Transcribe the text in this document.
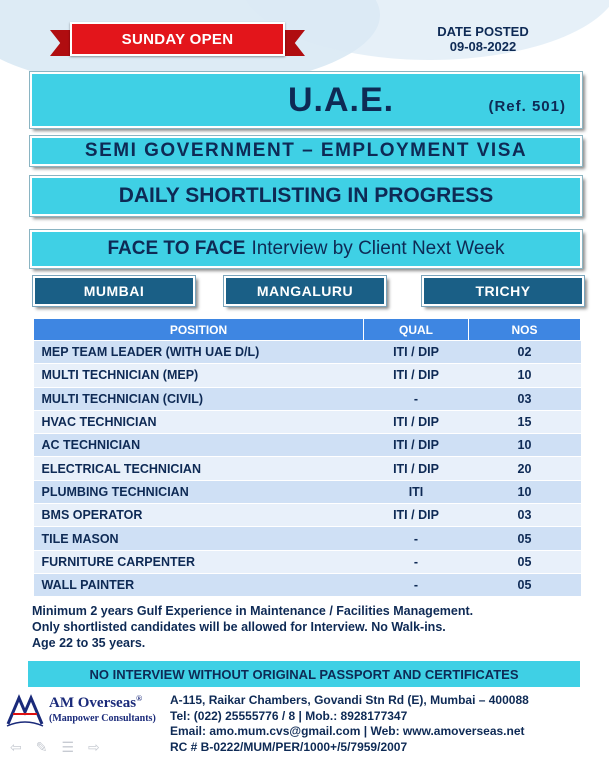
SUNDAY OPEN	DATE POSTED
09-08-2022
U.A.E.	(Ref. 501)
SEMI GOVERNMENT – EMPLOYMENT VISA
DAILY SHORTLISTING IN PROGRESS
FACE TO FACE Interview by Client Next Week
MUMBAI	MANGALURU	TRICHY
POSITION	QUAL	NOS
MEP TEAM LEADER (WITH UAE D/L)	ITI / DIP	02
MULTI TECHNICIAN (MEP)	ITI / DIP	10
MULTI TECHNICIAN (CIVIL)	-	03
HVAC TECHNICIAN	ITI / DIP	15
AC TECHNICIAN	ITI / DIP	10
ELECTRICAL TECHNICIAN	ITI / DIP	20
PLUMBING TECHNICIAN	ITI	10
BMS OPERATOR	ITI / DIP	03
TILE MASON	-	05
FURNITURE CARPENTER	-	05
WALL PAINTER	-	05
Minimum 2 years Gulf Experience in Maintenance / Facilities Management.
Only shortlisted candidates will be allowed for Interview. No Walk-ins.
Age 22 to 35 years.
NO INTERVIEW WITHOUT ORIGINAL PASSPORT AND CERTIFICATES
AM Overseas®
(Manpower Consultants)
A-115, Raikar Chambers, Govandi Stn Rd (E), Mumbai – 400088
Tel: (022) 25555776 / 8 | Mob.: 8928177347
Email: amo.mum.cvs@gmail.com | Web: www.amoverseas.net
RC # B-0222/MUM/PER/1000+/5/7959/2007
⇦ ✎ ☰ ⇨
